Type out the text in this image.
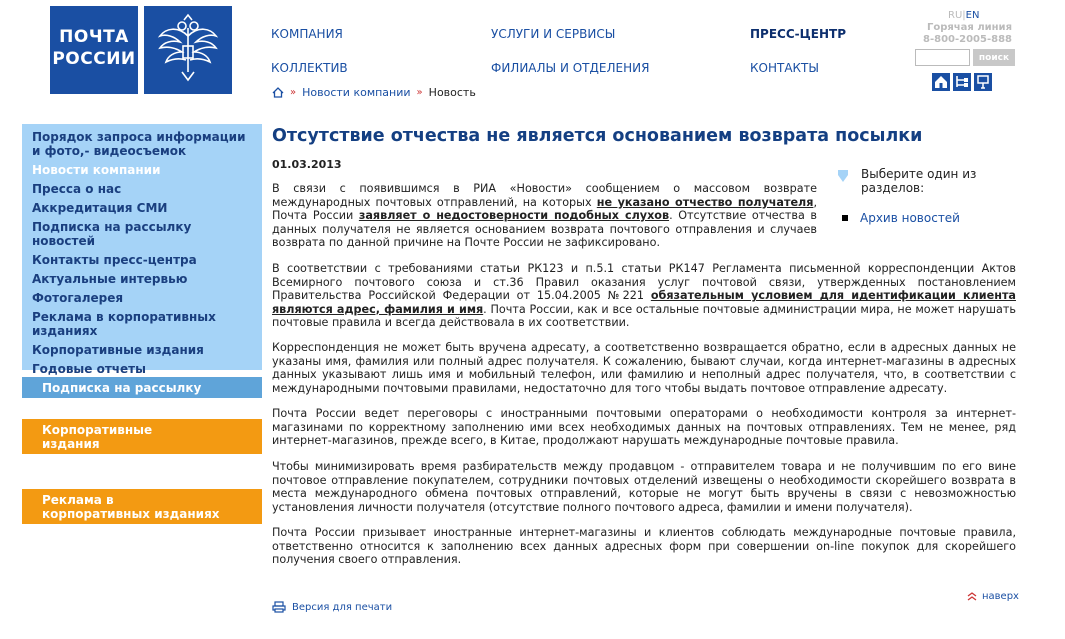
ПОЧТА
РОССИИ
КОМПАНИЯ	УСЛУГИ И СЕРВИСЫ	ПРЕСС-ЦЕНТР
КОЛЛЕКТИВ	ФИЛИАЛЫ И ОТДЕЛЕНИЯ	КОНТАКТЫ
RU|EN
Горячая линия
8-800-2005-888
поиск
» Новости компании » Новость
Порядок запроса информации и фото,- видеосъемок
Новости компании
Пресса о нас
Аккредитация СМИ
Подписка на рассылку новостей
Контакты пресс-центра
Актуальные интервью
Фотогалерея
Реклама в корпоративных изданиях
Корпоративные издания
Годовые отчеты
Подписка на рассылку
Корпоративные издания
Реклама в корпоративных изданиях
Отсутствие отчества не является основанием возврата посылки
01.03.2013
В связи с появившимся в РИА «Новости» сообщением о массовом возврате международных почтовых отправлений, на которых не указано отчество получателя, Почта России заявляет о недостоверности подобных слухов. Отсутствие отчества в данных получателя не является основанием возврата почтового отправления и случаев возврата по данной причине на Почте России не зафиксировано.
В соответствии с требованиями статьи РК123 и п.5.1 статьи РК147 Регламента письменной корреспонденции Актов Всемирного почтового союза и ст.36 Правил оказания услуг почтовой связи, утвержденных постановлением Правительства Российской Федерации от 15.04.2005 №221 обязательным условием для идентификации клиента являются адрес, фамилия и имя. Почта России, как и все остальные почтовые администрации мира, не может нарушать почтовые правила и всегда действовала в их соответствии.
Корреспонденция не может быть вручена адресату, а соответственно возвращается обратно, если в адресных данных не указаны имя, фамилия или полный адрес получателя. К сожалению, бывают случаи, когда интернет-магазины в адресных данных указывают лишь имя и мобильный телефон, или фамилию и неполный адрес получателя, что, в соответствии с международными почтовыми правилами, недостаточно для того чтобы выдать почтовое отправление адресату.
Почта России ведет переговоры с иностранными почтовыми операторами о необходимости контроля за интернет-магазинами по корректному заполнению ими всех необходимых данных на почтовых отправлениях. Тем не менее, ряд интернет-магазинов, прежде всего, в Китае, продолжают нарушать международные почтовые правила.
Чтобы минимизировать время разбирательств между продавцом - отправителем товара и не получившим по его вине почтовое отправление покупателем, сотрудники почтовых отделений извещены о необходимости скорейшего возврата в места международного обмена почтовых отправлений, которые не могут быть вручены в связи с невозможностью установления личности получателя (отсутствие полного почтового адреса, фамилии и имени получателя).
Почта России призывает иностранные интернет-магазины и клиентов соблюдать международные почтовые правила, ответственно относится к заполнению всех данных адресных форм при совершении on-line покупок для скорейшего получения своего отправления.
Выберите один из разделов:
Архив новостей
Версия для печати
наверх
